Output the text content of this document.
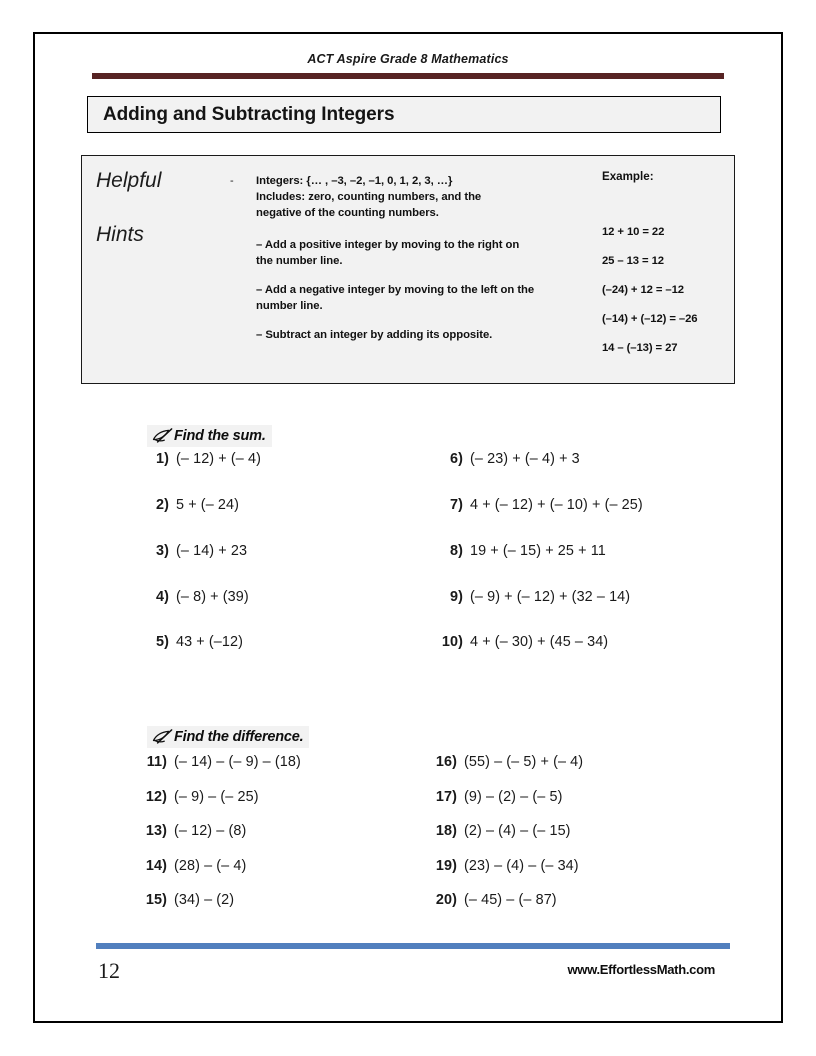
ACT Aspire Grade 8 Mathematics
Adding and Subtracting Integers
Helpful
Hints
-	Integers: {… , –3, –2, –1, 0, 1, 2, 3, …}
Includes: zero, counting numbers, and the
negative of the counting numbers.
– Add a positive integer by moving to the right on
the number line.
– Add a negative integer by moving to the left on the
number line.
– Subtract an integer by adding its opposite.
Example:
12 + 10 = 22
25 – 13 = 12
(–24) + 12 = –12
(–14) + (–12) = –26
14 – (–13) = 27
Find the sum.
Find the difference.
1) (– 12) + (– 4)
2) 5 + (– 24)
3) (– 14) + 23
4) (– 8) + (39)
5) 43 + (–12)
6) (– 23) + (– 4) + 3
7) 4 + (– 12) + (– 10) + (– 25)
8) 19 + (– 15) + 25 + 11
9) (– 9) + (– 12) + (32 – 14)
10) 4 + (– 30) + (45 – 34)
11) (– 14) – (– 9) – (18)
12) (– 9) – (– 25)
13) (– 12) – (8)
14) (28) – (– 4)
15) (34) – (2)
16) (55) – (– 5) + (– 4)
17) (9) – (2) – (– 5)
18) (2) – (4) – (– 15)
19) (23) – (4) – (– 34)
20) (– 45) – (– 87)
12	www.EffortlessMath.com
